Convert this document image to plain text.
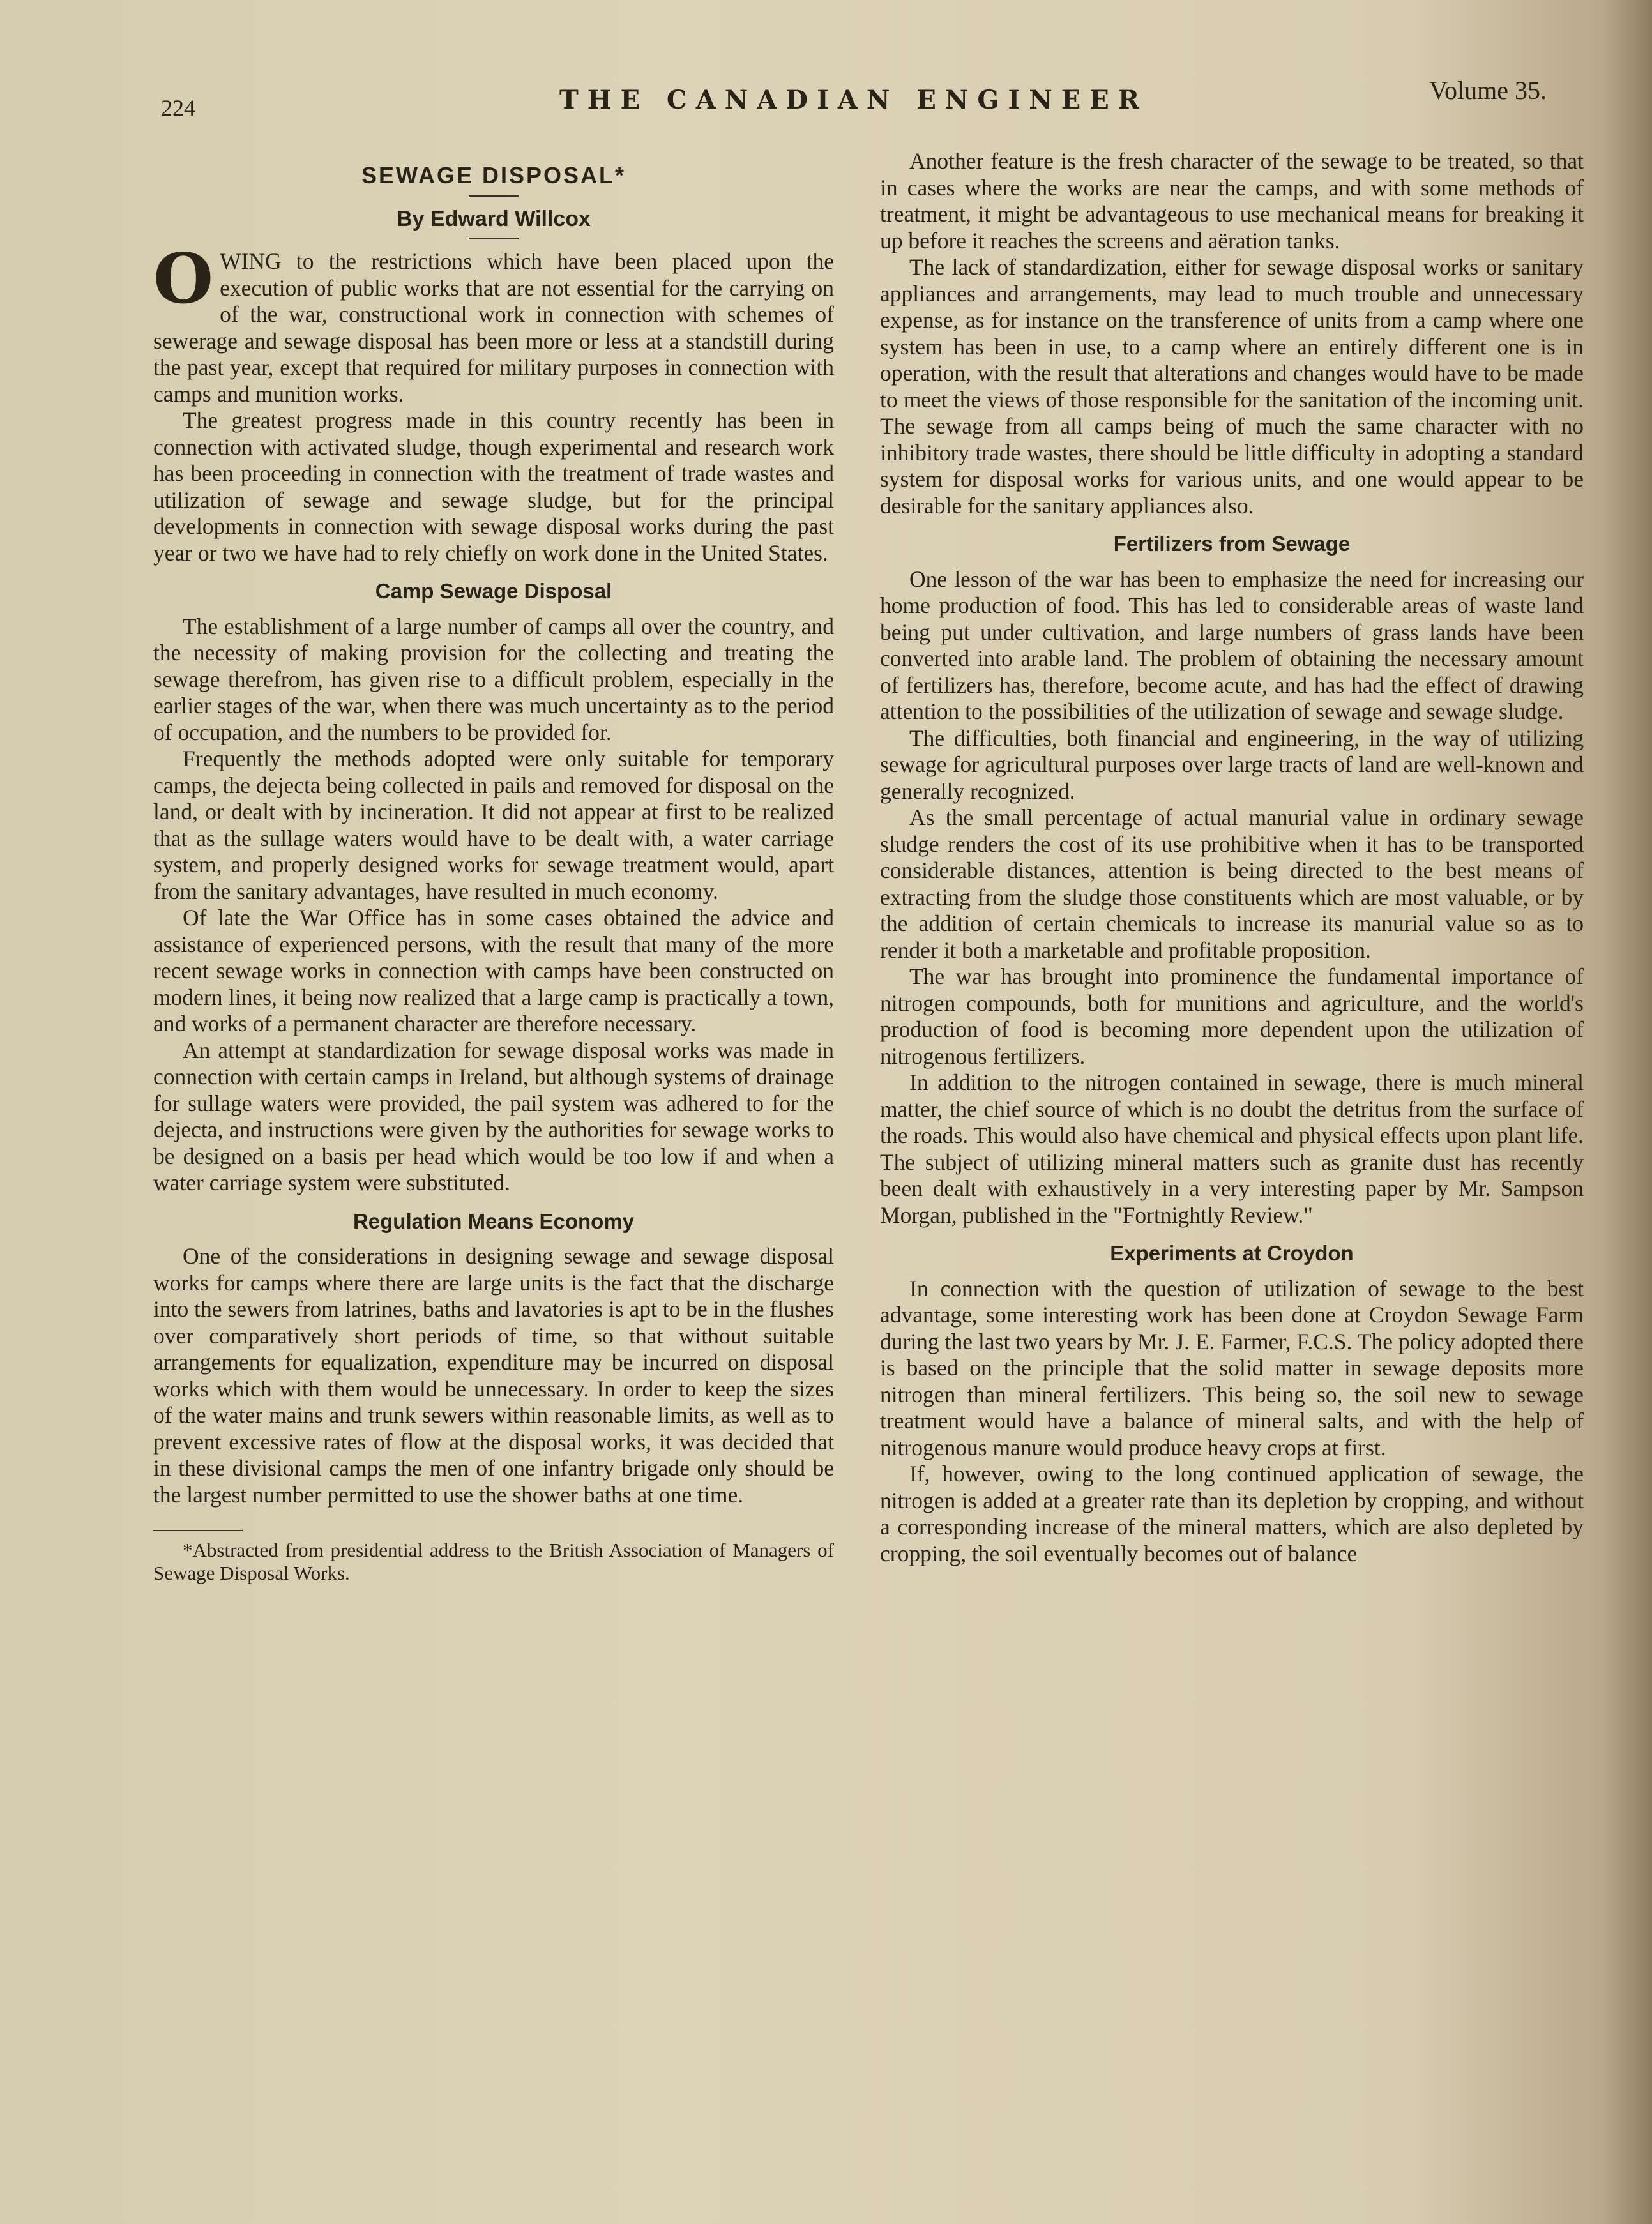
224	THE CANADIAN ENGINEER	Volume 35.
SEWAGE DISPOSAL*
By Edward Willcox

OWING to the restrictions which have been placed upon the execution of public works that are not essential for the carrying on of the war, constructional work in connection with schemes of sewerage and sewage disposal has been more or less at a standstill during the past year, except that required for military purposes in connection with camps and munition works.

The greatest progress made in this country recently has been in connection with activated sludge, though experimental and research work has been proceeding in connection with the treatment of trade wastes and utilization of sewage and sewage sludge, but for the principal developments in connection with sewage disposal works during the past year or two we have had to rely chiefly on work done in the United States.

Camp Sewage Disposal

The establishment of a large number of camps all over the country, and the necessity of making provision for the collecting and treating the sewage therefrom, has given rise to a difficult problem, especially in the earlier stages of the war, when there was much uncertainty as to the period of occupation, and the numbers to be provided for.

Frequently the methods adopted were only suitable for temporary camps, the dejecta being collected in pails and removed for disposal on the land, or dealt with by incineration. It did not appear at first to be realized that as the sullage waters would have to be dealt with, a water carriage system, and properly designed works for sewage treatment would, apart from the sanitary advantages, have resulted in much economy.

Of late the War Office has in some cases obtained the advice and assistance of experienced persons, with the result that many of the more recent sewage works in connection with camps have been constructed on modern lines, it being now realized that a large camp is practically a town, and works of a permanent character are therefore necessary.

An attempt at standardization for sewage disposal works was made in connection with certain camps in Ireland, but although systems of drainage for sullage waters were provided, the pail system was adhered to for the dejecta, and instructions were given by the authorities for sewage works to be designed on a basis per head which would be too low if and when a water carriage system were substituted.

Regulation Means Economy

One of the considerations in designing sewage and sewage disposal works for camps where there are large units is the fact that the discharge into the sewers from latrines, baths and lavatories is apt to be in the flushes over comparatively short periods of time, so that without suitable arrangements for equalization, expenditure may be incurred on disposal works which with them would be unnecessary. In order to keep the sizes of the water mains and trunk sewers within reasonable limits, as well as to prevent excessive rates of flow at the disposal works, it was decided that in these divisional camps the men of one infantry brigade only should be the largest number permitted to use the shower baths at one time.

*Abstracted from presidential address to the British Association of Managers of Sewage Disposal Works.

Another feature is the fresh character of the sewage to be treated, so that in cases where the works are near the camps, and with some methods of treatment, it might be advantageous to use mechanical means for breaking it up before it reaches the screens and aëration tanks.

The lack of standardization, either for sewage disposal works or sanitary appliances and arrangements, may lead to much trouble and unnecessary expense, as for instance on the transference of units from a camp where one system has been in use, to a camp where an entirely different one is in operation, with the result that alterations and changes would have to be made to meet the views of those responsible for the sanitation of the incoming unit. The sewage from all camps being of much the same character with no inhibitory trade wastes, there should be little difficulty in adopting a standard system for disposal works for various units, and one would appear to be desirable for the sanitary appliances also.

Fertilizers from Sewage

One lesson of the war has been to emphasize the need for increasing our home production of food. This has led to considerable areas of waste land being put under cultivation, and large numbers of grass lands have been converted into arable land. The problem of obtaining the necessary amount of fertilizers has, therefore, become acute, and has had the effect of drawing attention to the possibilities of the utilization of sewage and sewage sludge.

The difficulties, both financial and engineering, in the way of utilizing sewage for agricultural purposes over large tracts of land are well-known and generally recognized.

As the small percentage of actual manurial value in ordinary sewage sludge renders the cost of its use prohibitive when it has to be transported considerable distances, attention is being directed to the best means of extracting from the sludge those constituents which are most valuable, or by the addition of certain chemicals to increase its manurial value so as to render it both a marketable and profitable proposition.

The war has brought into prominence the fundamental importance of nitrogen compounds, both for munitions and agriculture, and the world's production of food is becoming more dependent upon the utilization of nitrogenous fertilizers.

In addition to the nitrogen contained in sewage, there is much mineral matter, the chief source of which is no doubt the detritus from the surface of the roads. This would also have chemical and physical effects upon plant life. The subject of utilizing mineral matters such as granite dust has recently been dealt with exhaustively in a very interesting paper by Mr. Sampson Morgan, published in the "Fortnightly Review."

Experiments at Croydon

In connection with the question of utilization of sewage to the best advantage, some interesting work has been done at Croydon Sewage Farm during the last two years by Mr. J. E. Farmer, F.C.S. The policy adopted there is based on the principle that the solid matter in sewage deposits more nitrogen than mineral fertilizers. This being so, the soil new to sewage treatment would have a balance of mineral salts, and with the help of nitrogenous manure would produce heavy crops at first.

If, however, owing to the long continued application of sewage, the nitrogen is added at a greater rate than its depletion by cropping, and without a corresponding increase of the mineral matters, which are also depleted by cropping, the soil eventually becomes out of balance
